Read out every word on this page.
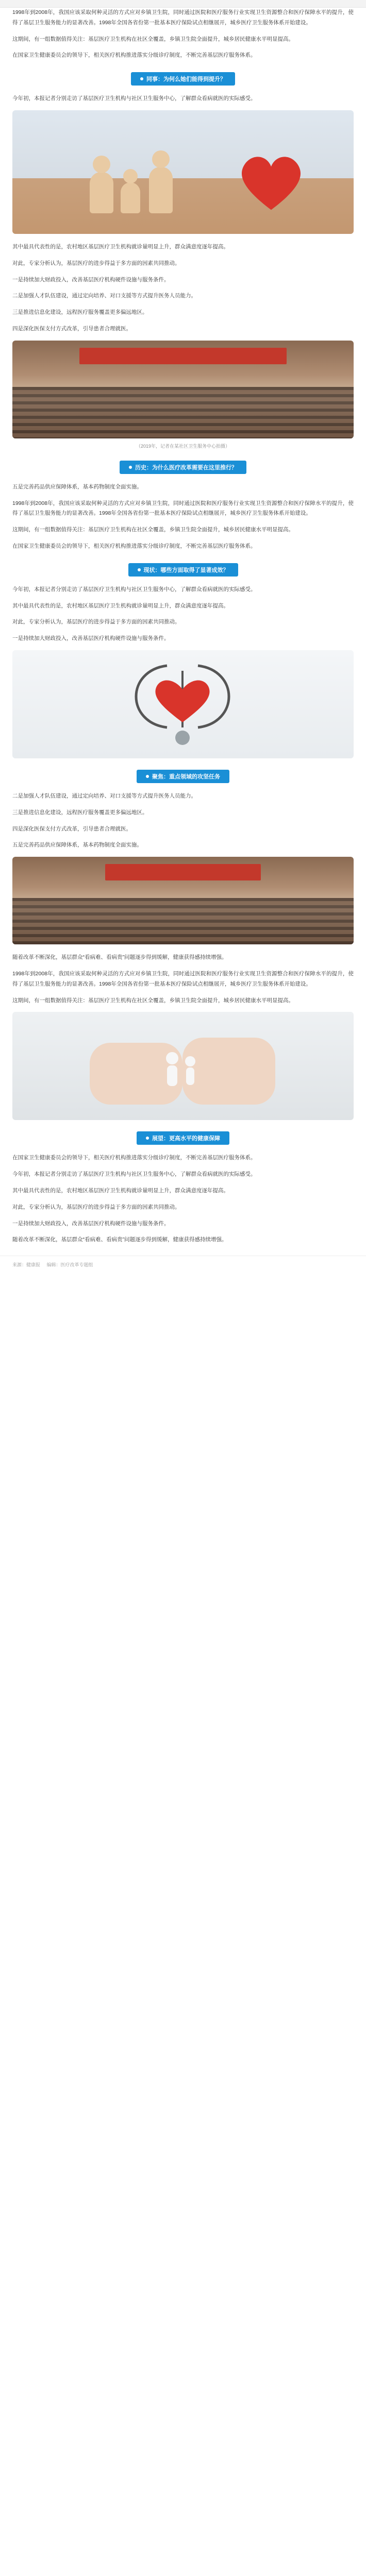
1998年到2008年，我国应该采取何种灵活的方式应对乡镇卫生院，同时通过医院和医疗服务行业实现卫生资源整合和医疗保障水平的提升，使得了基层卫生服务能力的显著改善。1998年全国各省份第一批基本医疗保险试点相继展开，城乡医疗卫生服务体系开始建设。

这期间，有一组数据值得关注：基层医疗卫生机构在社区全覆盖，乡镇卫生院全面提升，城乡居民健康水平明显提高。

在国家卫生健康委员会的领导下，相关医疗机构推进落实分级诊疗制度，不断完善基层医疗服务体系。

同事：为何么她们能得到提升？

今年初，本报记者分别走访了基层医疗卫生机构与社区卫生服务中心，了解群众看病就医的实际感受。

其中最具代表性的是，农村地区基层医疗卫生机构就诊量明显上升，群众满意度逐年提高。

对此，专家分析认为，基层医疗的进步得益于多方面的因素共同推动。

一是持续加大财政投入，改善基层医疗机构硬件设施与服务条件。

二是加强人才队伍建设，通过定向培养、对口支援等方式提升医务人员能力。

三是推进信息化建设，远程医疗服务覆盖更多偏远地区。

四是深化医保支付方式改革，引导患者合理就医。

（2019年，记者在某社区卫生服务中心拍摄）
历史：为什么医疗改革需要在这里推行？

五是完善药品供应保障体系，基本药物制度全面实施。

1998年到2008年，我国应该采取何种灵活的方式应对乡镇卫生院，同时通过医院和医疗服务行业实现卫生资源整合和医疗保障水平的提升，使得了基层卫生服务能力的显著改善。1998年全国各省份第一批基本医疗保险试点相继展开，城乡医疗卫生服务体系开始建设。

这期间，有一组数据值得关注：基层医疗卫生机构在社区全覆盖，乡镇卫生院全面提升，城乡居民健康水平明显提高。

在国家卫生健康委员会的领导下，相关医疗机构推进落实分级诊疗制度，不断完善基层医疗服务体系。

现状：哪些方面取得了显著成效？

今年初，本报记者分别走访了基层医疗卫生机构与社区卫生服务中心，了解群众看病就医的实际感受。

其中最具代表性的是，农村地区基层医疗卫生机构就诊量明显上升，群众满意度逐年提高。

对此，专家分析认为，基层医疗的进步得益于多方面的因素共同推动。

一是持续加大财政投入，改善基层医疗机构硬件设施与服务条件。

聚焦：重点领域的攻坚任务

二是加强人才队伍建设，通过定向培养、对口支援等方式提升医务人员能力。

三是推进信息化建设，远程医疗服务覆盖更多偏远地区。

四是深化医保支付方式改革，引导患者合理就医。

五是完善药品供应保障体系，基本药物制度全面实施。

随着改革不断深化，基层群众“看病难、看病贵”问题逐步得到缓解，健康获得感持续增强。

1998年到2008年，我国应该采取何种灵活的方式应对乡镇卫生院，同时通过医院和医疗服务行业实现卫生资源整合和医疗保障水平的提升，使得了基层卫生服务能力的显著改善。1998年全国各省份第一批基本医疗保险试点相继展开，城乡医疗卫生服务体系开始建设。

这期间，有一组数据值得关注：基层医疗卫生机构在社区全覆盖，乡镇卫生院全面提升，城乡居民健康水平明显提高。

展望：更高水平的健康保障

在国家卫生健康委员会的领导下，相关医疗机构推进落实分级诊疗制度，不断完善基层医疗服务体系。

今年初，本报记者分别走访了基层医疗卫生机构与社区卫生服务中心，了解群众看病就医的实际感受。

其中最具代表性的是，农村地区基层医疗卫生机构就诊量明显上升，群众满意度逐年提高。

对此，专家分析认为，基层医疗的进步得益于多方面的因素共同推动。

一是持续加大财政投入，改善基层医疗机构硬件设施与服务条件。

随着改革不断深化，基层群众“看病难、看病贵”问题逐步得到缓解，健康获得感持续增强。

来源：健康报 编辑：医疗改革专题组
